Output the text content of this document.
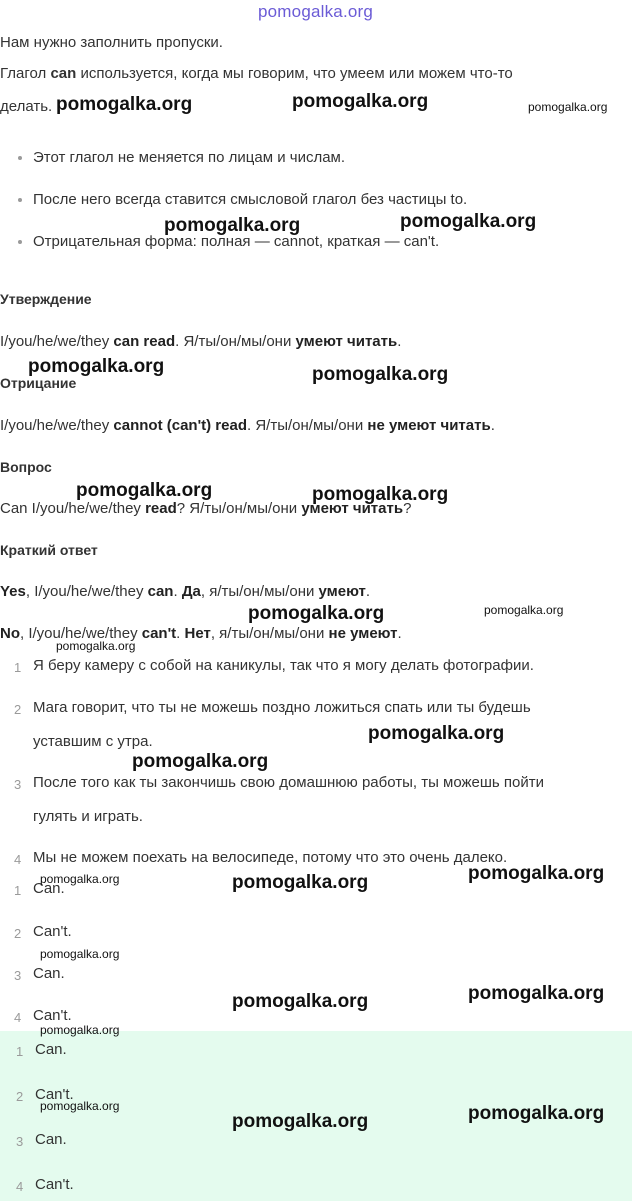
pomogalka.org
Нам нужно заполнить пропуски.
Глагол can используется, когда мы говорим, что умеем или можем что-то
делать.
Этот глагол не меняется по лицам и числам.
После него всегда ставится смысловой глагол без частицы to.
Отрицательная форма: полная — cannot, краткая — can't.
Утверждение
I/you/he/we/they can read. Я/ты/он/мы/они умеют читать.
Отрицание
I/you/he/we/they cannot (can't) read. Я/ты/он/мы/они не умеют читать.
Вопрос
Can I/you/he/we/they read? Я/ты/он/мы/они умеют читать?
Краткий ответ
Yes, I/you/he/we/they can. Да, я/ты/он/мы/они умеют.
No, I/you/he/we/they can't. Нет, я/ты/он/мы/они не умеют.
1 Я беру камеру с собой на каникулы, так что я могу делать фотографии.
2 Мага говорит, что ты не можешь поздно ложиться спать или ты будешь
уставшим с утра.
3 После того как ты закончишь свою домашнюю работы, ты можешь пойти
гулять и играть.
4 Мы не можем поехать на велосипеде, потому что это очень далеко.
1 Can.
2 Can't.
3 Can.
4 Can't.
1 Can.
2 Can't.
3 Can.
4 Can't.
pomogalka.org	pomogalka.org	pomogalka.org
pomogalka.org	pomogalka.org
pomogalka.org	pomogalka.org
pomogalka.org	pomogalka.org
pomogalka.org	pomogalka.org
pomogalka.org
pomogalka.org
pomogalka.org
pomogalka.org	pomogalka.org	pomogalka.org
pomogalka.org
pomogalka.org	pomogalka.org
pomogalka.org
pomogalka.org
pomogalka.org	pomogalka.org
